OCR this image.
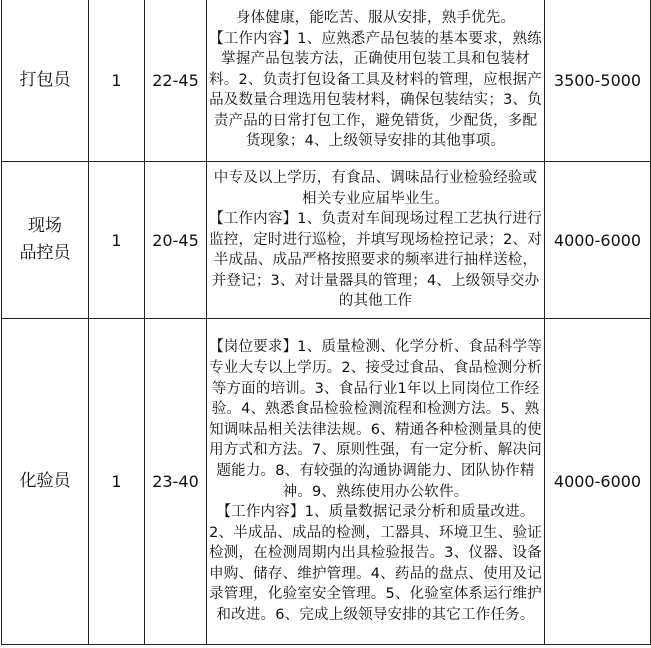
打包员	1	22-45	身体健康，能吃苦、服从安排，熟手优先。
【工作内容】1、应熟悉产品包装的基本要求，熟练掌握产品包装方法，正确使用包装工具和包装材料。2、负责打包设备工具及材料的管理，应根据产品及数量合理选用包装材料，确保包装结实；3、负责产品的日常打包工作，避免错货，少配货，多配货现象；4、上级领导安排的其他事项。	3500-5000
现场
品控员	1	20-45	中专及以上学历，有食品、调味品行业检验经验或相关专业应届毕业生。
【工作内容】1、负责对车间现场过程工艺执行进行监控，定时进行巡检，并填写现场检控记录；2、对半成品、成品严格按照要求的频率进行抽样送检，并登记；3、对计量器具的管理；4、上级领导交办的其他工作	4000-6000
化验员	1	23-40	【岗位要求】1、质量检测、化学分析、食品科学等专业大专以上学历。2、接受过食品、食品检测分析等方面的培训。3、食品行业1年以上同岗位工作经验。4、熟悉食品检验检测流程和检测方法。5、熟知调味品相关法律法规。6、精通各种检测量具的使用方式和方法。7、原则性强，有一定分析、解决问题能力。8、有较强的沟通协调能力、团队协作精神。9、熟练使用办公软件。
【工作内容】1、质量数据记录分析和质量改进。2、半成品、成品的检测，工器具、环境卫生、验证检测，在检测周期内出具检验报告。3、仪器、设备申购、储存、维护管理。4、药品的盘点、使用及记录管理，化验室安全管理。5、化验室体系运行维护和改进。6、完成上级领导安排的其它工作任务。	4000-6000
